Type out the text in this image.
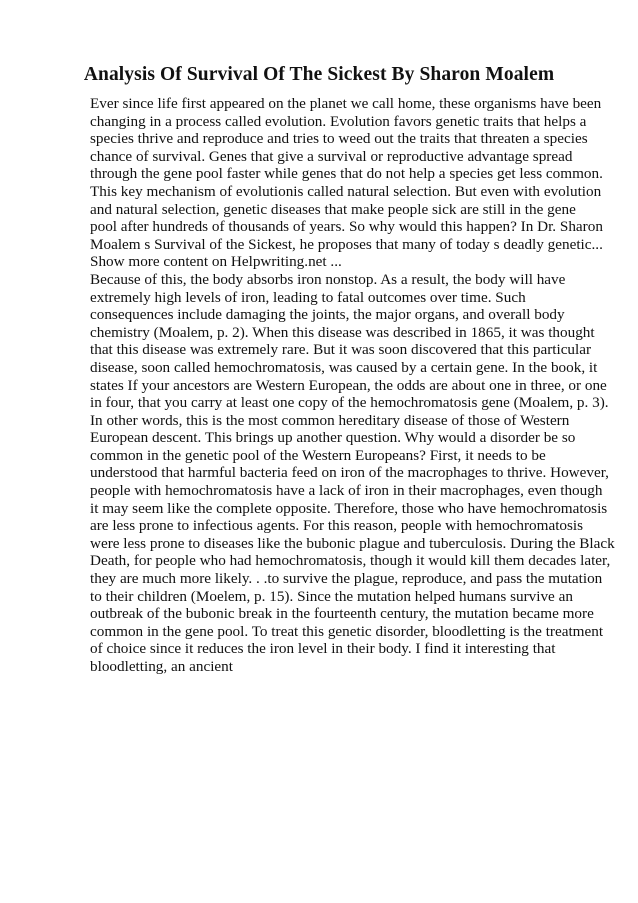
Analysis Of Survival Of The Sickest By Sharon Moalem
Ever since life first appeared on the planet we call home, these organisms have been
changing in a process called evolution. Evolution favors genetic traits that helps a
species thrive and reproduce and tries to weed out the traits that threaten a species
chance of survival. Genes that give a survival or reproductive advantage spread
through the gene pool faster while genes that do not help a species get less common.
This key mechanism of evolutionis called natural selection. But even with evolution
and natural selection, genetic diseases that make people sick are still in the gene
pool after hundreds of thousands of years. So why would this happen? In Dr. Sharon
Moalem s Survival of the Sickest, he proposes that many of today s deadly genetic...
Show more content on Helpwriting.net ...
Because of this, the body absorbs iron nonstop. As a result, the body will have
extremely high levels of iron, leading to fatal outcomes over time. Such
consequences include damaging the joints, the major organs, and overall body
chemistry (Moalem, p. 2). When this disease was described in 1865, it was thought
that this disease was extremely rare. But it was soon discovered that this particular
disease, soon called hemochromatosis, was caused by a certain gene. In the book, it
states If your ancestors are Western European, the odds are about one in three, or one
in four, that you carry at least one copy of the hemochromatosis gene (Moalem, p. 3).
In other words, this is the most common hereditary disease of those of Western
European descent. This brings up another question. Why would a disorder be so
common in the genetic pool of the Western Europeans? First, it needs to be
understood that harmful bacteria feed on iron of the macrophages to thrive. However,
people with hemochromatosis have a lack of iron in their macrophages, even though
it may seem like the complete opposite. Therefore, those who have hemochromatosis
are less prone to infectious agents. For this reason, people with hemochromatosis
were less prone to diseases like the bubonic plague and tuberculosis. During the Black
Death, for people who had hemochromatosis, though it would kill them decades later,
they are much more likely. . .to survive the plague, reproduce, and pass the mutation
to their children (Moelem, p. 15). Since the mutation helped humans survive an
outbreak of the bubonic break in the fourteenth century, the mutation became more
common in the gene pool. To treat this genetic disorder, bloodletting is the treatment
of choice since it reduces the iron level in their body. I find it interesting that
bloodletting, an ancient
